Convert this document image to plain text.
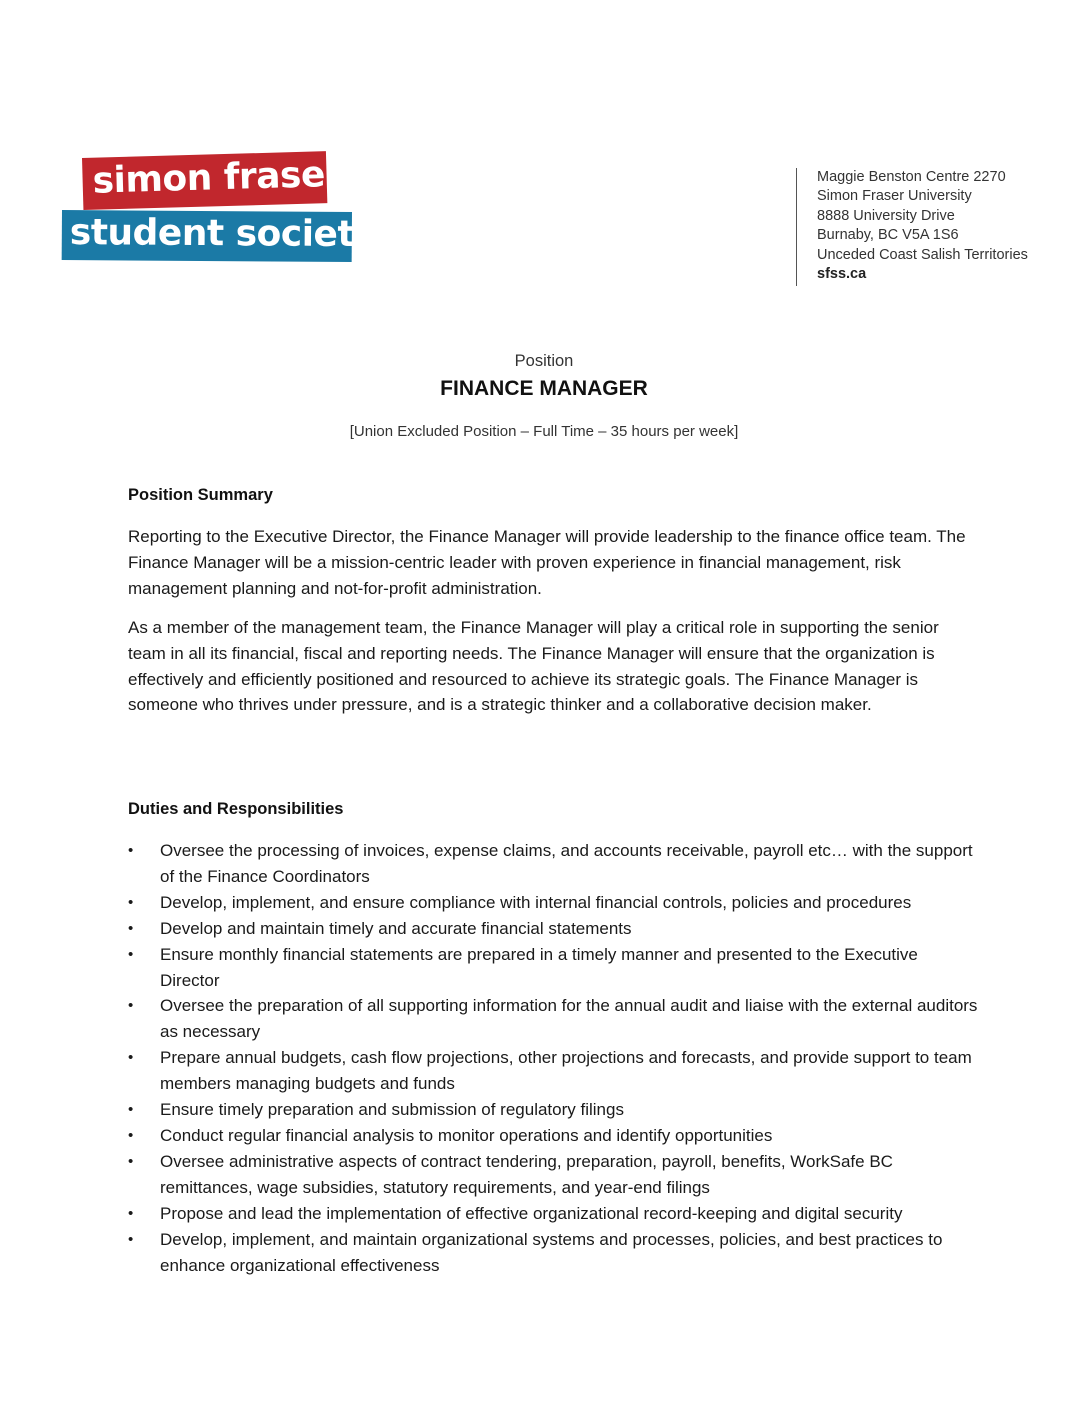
simon fraser
student society
Maggie Benston Centre 2270
Simon Fraser University
8888 University Drive
Burnaby, BC V5A 1S6
Unceded Coast Salish Territories
sfss.ca
Position
FINANCE MANAGER
[Union Excluded Position – Full Time – 35 hours per week]
Position Summary

Reporting to the Executive Director, the Finance Manager will provide leadership to the finance office team. The Finance Manager will be a mission-centric leader with proven experience in financial management, risk management planning and not-for-profit administration.

As a member of the management team, the Finance Manager will play a critical role in supporting the senior team in all its financial, fiscal and reporting needs. The Finance Manager will ensure that the organization is effectively and efficiently positioned and resourced to achieve its strategic goals. The Finance Manager is someone who thrives under pressure, and is a strategic thinker and a collaborative decision maker.

Duties and Responsibilities
• Oversee the processing of invoices, expense claims, and accounts receivable, payroll etc… with the support of the Finance Coordinators
• Develop, implement, and ensure compliance with internal financial controls, policies and procedures
• Develop and maintain timely and accurate financial statements
• Ensure monthly financial statements are prepared in a timely manner and presented to the Executive Director
• Oversee the preparation of all supporting information for the annual audit and liaise with the external auditors as necessary
• Prepare annual budgets, cash flow projections, other projections and forecasts, and provide support to team members managing budgets and funds
• Ensure timely preparation and submission of regulatory filings
• Conduct regular financial analysis to monitor operations and identify opportunities
• Oversee administrative aspects of contract tendering, preparation, payroll, benefits, WorkSafe BC remittances, wage subsidies, statutory requirements, and year-end filings
• Propose and lead the implementation of effective organizational record-keeping and digital security
• Develop, implement, and maintain organizational systems and processes, policies, and best practices to enhance organizational effectiveness
